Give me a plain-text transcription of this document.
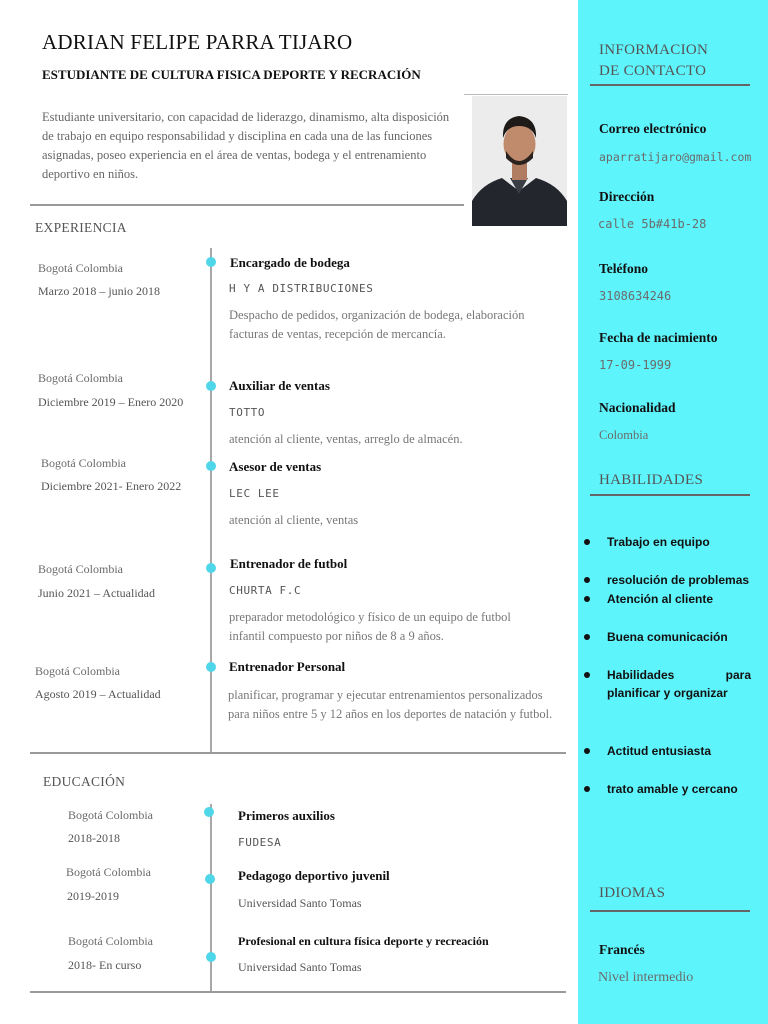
ADRIAN FELIPE PARRA TIJARO
ESTUDIANTE DE CULTURA FISICA DEPORTE Y RECRACIÓN
Estudiante universitario, con capacidad de liderazgo, dinamismo, alta disposición de trabajo en equipo responsabilidad y disciplina en cada una de las funciones asignadas, poseo experiencia en el área de ventas, bodega y el entrenamiento deportivo en niños.
EXPERIENCIA
Bogotá Colombia
Marzo 2018 – junio 2018
Encargado de bodega
H Y A DISTRIBUCIONES
Despacho de pedidos, organización de bodega, elaboración facturas de ventas, recepción de mercancía.
Bogotá Colombia
Diciembre 2019 – Enero 2020
Auxiliar de ventas
TOTTO
atención al cliente, ventas, arreglo de almacén.
Bogotá Colombia
Diciembre 2021- Enero 2022
Asesor de ventas
LEC LEE
atención al cliente, ventas
Bogotá Colombia
Junio 2021 – Actualidad
Entrenador de futbol
CHURTA F.C
preparador metodológico y físico de un equipo de futbol infantil compuesto por niños de 8 a 9 años.
Bogotá Colombia
Agosto 2019 – Actualidad
Entrenador Personal
planificar, programar y ejecutar entrenamientos personalizados para niños entre 5 y 12 años en los deportes de natación y futbol.
EDUCACIÓN
Bogotá Colombia
2018-2018
Primeros auxilios
FUDESA
Bogotá Colombia
2019-2019
Pedagogo deportivo juvenil
Universidad Santo Tomas
Bogotá Colombia
2018- En curso
Profesional en cultura física deporte y recreación
Universidad Santo Tomas
INFORMACION
DE CONTACTO
Correo electrónico
aparratijaro@gmail.com
Dirección
calle 5b#41b-28
Teléfono
3108634246
Fecha de nacimiento
17-09-1999
Nacionalidad
Colombia
HABILIDADES
Trabajo en equipo
resolución de problemas
Atención al cliente
Buena comunicación
Habilidades para planificar y organizar
Actitud entusiasta
trato amable y cercano
IDIOMAS
Francés
Nivel intermedio
